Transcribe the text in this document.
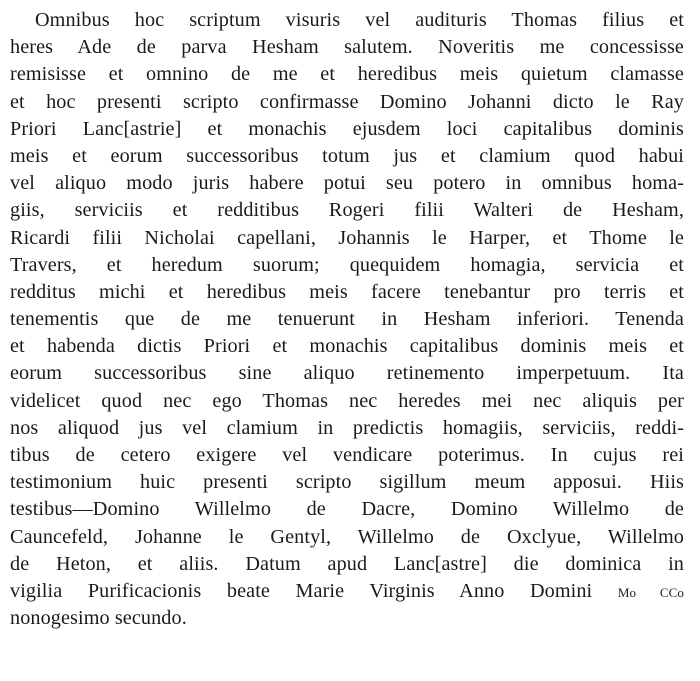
Omnibus hoc scriptum visuris vel audituris Thomas filius et
heres Ade de parva Hesham salutem. Noveritis me concessisse
remisisse et omnino de me et heredibus meis quietum clamasse
et hoc presenti scripto confirmasse Domino Johanni dicto le Ray
Priori Lanc[astrie] et monachis ejusdem loci capitalibus dominis
meis et eorum successoribus totum jus et clamium quod habui
vel aliquo modo juris habere potui seu potero in omnibus homa-
giis, serviciis et redditibus Rogeri filii Walteri de Hesham,
Ricardi filii Nicholai capellani, Johannis le Harper, et Thome le
Travers, et heredum suorum; quequidem homagia, servicia et
redditus michi et heredibus meis facere tenebantur pro terris et
tenementis que de me tenuerunt in Hesham inferiori. Tenenda
et habenda dictis Priori et monachis capitalibus dominis meis et
eorum successoribus sine aliquo retinemento imperpetuum. Ita
videlicet quod nec ego Thomas nec heredes mei nec aliquis per
nos aliquod jus vel clamium in predictis homagiis, serviciis, reddi-
tibus de cetero exigere vel vendicare poterimus. In cujus rei
testimonium huic presenti scripto sigillum meum apposui. Hiis
testibus—Domino Willelmo de Dacre, Domino Willelmo de
Cauncefeld, Johanne le Gentyl, Willelmo de Oxclyue, Willelmo
de Heton, et aliis. Datum apud Lanc[astre] die dominica in
vigilia Purificacionis beate Marie Virginis Anno Domini Mo CCo
nonogesimo secundo.
